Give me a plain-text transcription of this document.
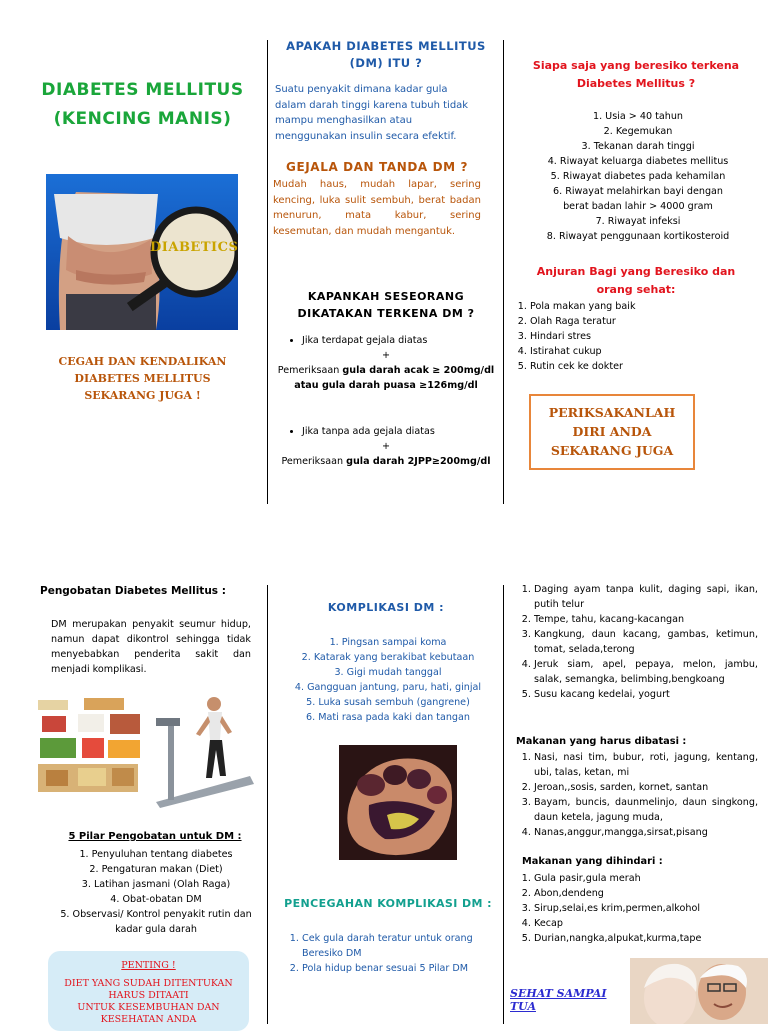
DIABETES MELLITUS
(KENCING MANIS)
DIABETICS
CEGAH DAN KENDALIKAN
DIABETES MELLITUS
SEKARANG JUGA !
APAKAH DIABETES MELLITUS
(DM) ITU ?
Suatu penyakit dimana kadar gula dalam darah tinggi karena tubuh tidak mampu menghasilkan atau menggunakan insulin secara efektif.
GEJALA DAN TANDA DM ?
Mudah haus, mudah lapar, sering kencing, luka sulit sembuh, berat badan menurun, mata kabur, sering kesemutan, dan mudah mengantuk.
KAPANKAH SESEORANG
DIKATAKAN TERKENA DM ?
• Jika terdapat gejala diatas
+
Pemeriksaan gula darah acak ≥ 200mg/dl atau gula darah puasa ≥126mg/dl
• Jika tanpa ada gejala diatas
+
Pemeriksaan gula darah 2JPP≥200mg/dl
Siapa saja yang beresiko terkena
Diabetes Mellitus ?
1. Usia > 40 tahun
2. Kegemukan
3. Tekanan darah tinggi
4. Riwayat keluarga diabetes mellitus
5. Riwayat diabetes pada kehamilan
6. Riwayat melahirkan bayi dengan berat badan lahir > 4000 gram
7. Riwayat infeksi
8. Riwayat penggunaan kortikosteroid
Anjuran Bagi yang Beresiko dan
orang sehat:
1. Pola makan yang baik
2. Olah Raga teratur
3. Hindari stres
4. Istirahat cukup
5. Rutin cek ke dokter
PERIKSAKANLAH
DIRI ANDA
SEKARANG JUGA
Pengobatan Diabetes Mellitus :
DM merupakan penyakit seumur hidup, namun dapat dikontrol sehingga tidak menyebabkan penderita sakit dan menjadi komplikasi.
5 Pilar Pengobatan untuk DM :
1. Penyuluhan tentang diabetes
2. Pengaturan makan (Diet)
3. Latihan jasmani (Olah Raga)
4. Obat-obatan DM
5. Observasi/ Kontrol penyakit rutin dan kadar gula darah
PENTING !
DIET YANG SUDAH DITENTUKAN
HARUS DITAATI
UNTUK KESEMBUHAN DAN
KESEHATAN ANDA
KOMPLIKASI DM :
1. Pingsan sampai koma
2. Katarak yang berakibat kebutaan
3. Gigi mudah tanggal
4. Gangguan jantung, paru, hati, ginjal
5. Luka susah sembuh (gangrene)
6. Mati rasa pada kaki dan tangan
PENCEGAHAN KOMPLIKASI DM :
1. Cek gula darah teratur untuk orang Beresiko DM
2. Pola hidup benar sesuai 5 Pilar DM
1. Daging ayam tanpa kulit, daging sapi, ikan, putih telur
2. Tempe, tahu, kacang-kacangan
3. Kangkung, daun kacang, gambas, ketimun, tomat, selada,terong
4. Jeruk siam, apel, pepaya, melon, jambu, salak, semangka, belimbing,bengkoang
5. Susu kacang kedelai, yogurt
Makanan yang harus dibatasi :
1. Nasi, nasi tim, bubur, roti, jagung, kentang, ubi, talas, ketan, mi
2. Jeroan,,sosis, sarden, kornet, santan
3. Bayam, buncis, daunmelinjo, daun singkong, daun ketela, jagung muda,
4. Nanas,anggur,mangga,sirsat,pisang
Makanan yang dihindari :
1. Gula pasir,gula merah
2. Abon,dendeng
3. Sirup,selai,es krim,permen,alkohol
4. Kecap
5. Durian,nangka,alpukat,kurma,tape
SEHAT SAMPAI TUA
